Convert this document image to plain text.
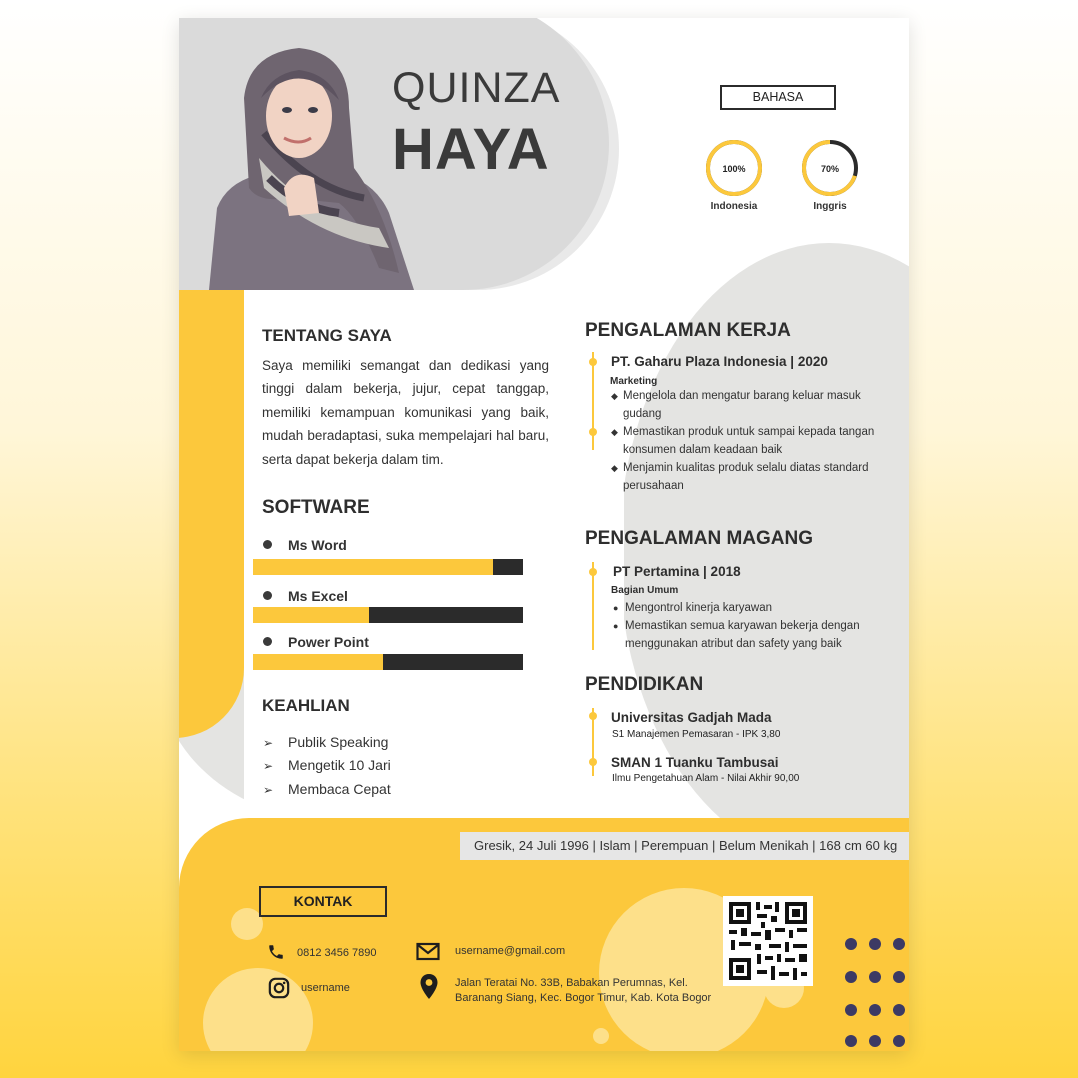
QUINZA
HAYA
BAHASA
100%
Indonesia
70%
Inggris
TENTANG SAYA
Saya memiliki semangat dan dedikasi yang tinggi dalam bekerja, jujur, cepat tanggap, memiliki kemampuan komunikasi yang baik, mudah beradaptasi, suka mempelajari hal baru, serta dapat bekerja dalam tim.
SOFTWARE
Ms Word
Ms Excel
Power Point
KEAHLIAN
➢ Publik Speaking
➢ Mengetik 10 Jari
➢ Membaca Cepat
PENGALAMAN KERJA
PT. Gaharu Plaza Indonesia | 2020
Marketing
◆ Mengelola dan mengatur barang keluar masuk gudang
◆ Memastikan produk untuk sampai kepada tangan konsumen dalam keadaan baik
◆ Menjamin kualitas produk selalu diatas standard perusahaan
PENGALAMAN MAGANG
PT Pertamina | 2018
Bagian Umum
● Mengontrol kinerja karyawan
● Memastikan semua karyawan bekerja dengan menggunakan atribut dan safety yang baik
PENDIDIKAN
Universitas Gadjah Mada
S1 Manajemen Pemasaran - IPK 3,80
SMAN 1 Tuanku Tambusai
Ilmu Pengetahuan Alam - Nilai Akhir 90,00
Gresik, 24 Juli 1996 | Islam | Perempuan | Belum Menikah | 168 cm 60 kg
KONTAK
0812 3456 7890	username@gmail.com
username	Jalan Teratai No. 33B, Babakan Perumnas, Kel.
Baranang Siang, Kec. Bogor Timur, Kab. Kota Bogor
